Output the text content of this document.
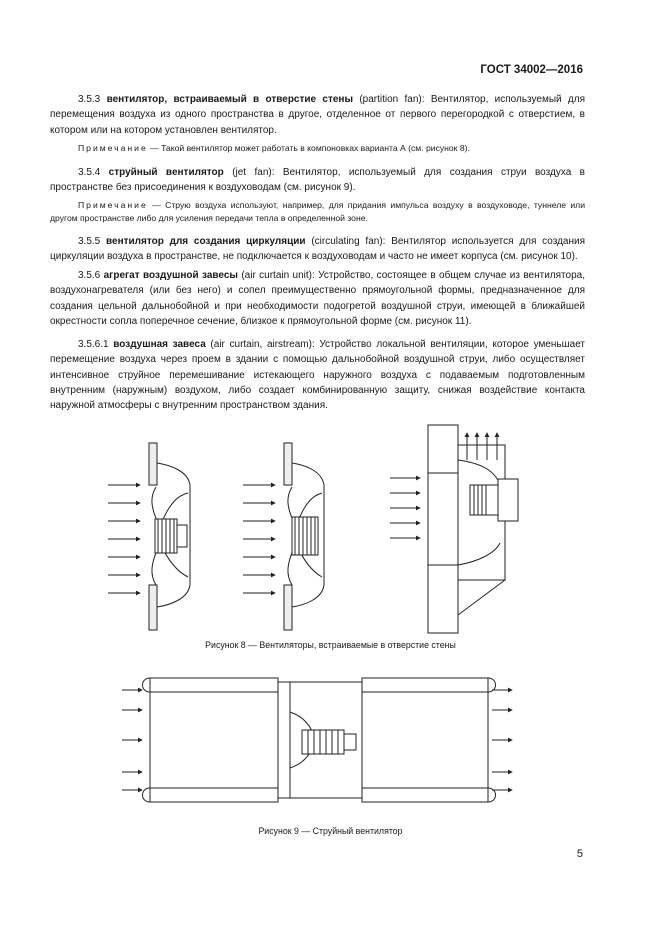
ГОСТ 34002—2016
3.5.3 вентилятор, встраиваемый в отверстие стены (partition fan): Вентилятор, используемый для перемещения воздуха из одного пространства в другое, отделенное от первого перегородкой с отверстием, в котором или на котором установлен вентилятор.
Примечание — Такой вентилятор может работать в компоновках варианта А (см. рисунок 8).
3.5.4 струйный вентилятор (jet fan): Вентилятор, используемый для создания струи воздуха в пространстве без присоединения к воздуховодам (см. рисунок 9).
Примечание — Струю воздуха используют, например, для придания импульса воздуху в воздуховоде, туннеле или другом пространстве либо для усиления передачи тепла в определенной зоне.
3.5.5 вентилятор для создания циркуляции (circulating fan): Вентилятор используется для создания циркуляции воздуха в пространстве, не подключается к воздуховодам и часто не имеет корпуса (см. рисунок 10).
3.5.6 агрегат воздушной завесы (air curtain unit): Устройство, состоящее в общем случае из вентилятора, воздухонагревателя (или без него) и сопел преимущественно прямоугольной формы, предназначенное для создания цельной дальнобойной и при необходимости подогретой воздушной струи, имеющей в ближайшей окрестности сопла поперечное сечение, близкое к прямоугольной форме (см. рисунок 11).
3.5.6.1 воздушная завеса (air curtain, airstream): Устройство локальной вентиляции, которое уменьшает перемещение воздуха через проем в здании с помощью дальнобойной воздушной струи, либо осуществляет интенсивное струйное перемешивание истекающего наружного воздуха с подаваемым подготовленным внутренним (наружным) воздухом, либо создает комбинированную защиту, снижая воздействие контакта наружной атмосферы с внутренним пространством здания.
Рисунок 8 — Вентиляторы, встраиваемые в отверстие стены
Рисунок 9 — Струйный вентилятор
5
